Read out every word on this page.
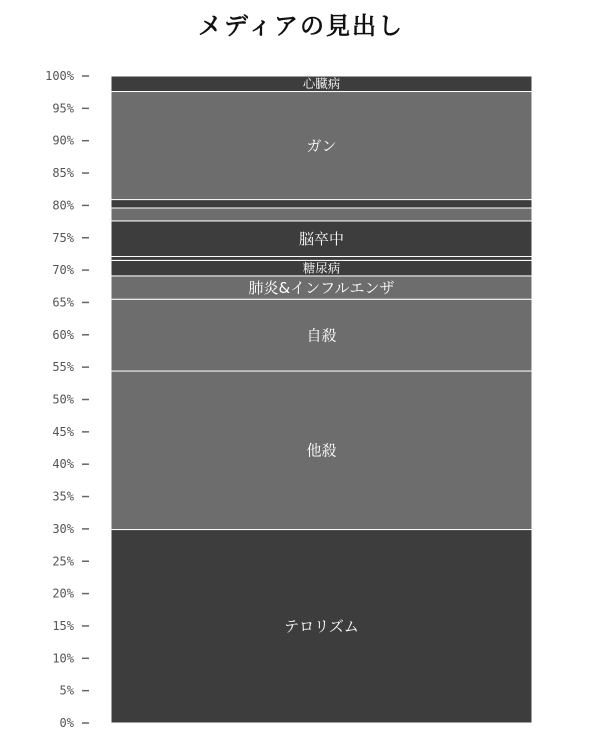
メディアの見出し
0%
5%
10%
15%
20%
25%
30%
35%
40%
45%
50%
55%
60%
65%
70%
75%
80%
85%
90%
95%
100%
テロリズム
他殺
自殺
肺炎&インフルエンザ
糖尿病
脳卒中
ガン
心臓病
